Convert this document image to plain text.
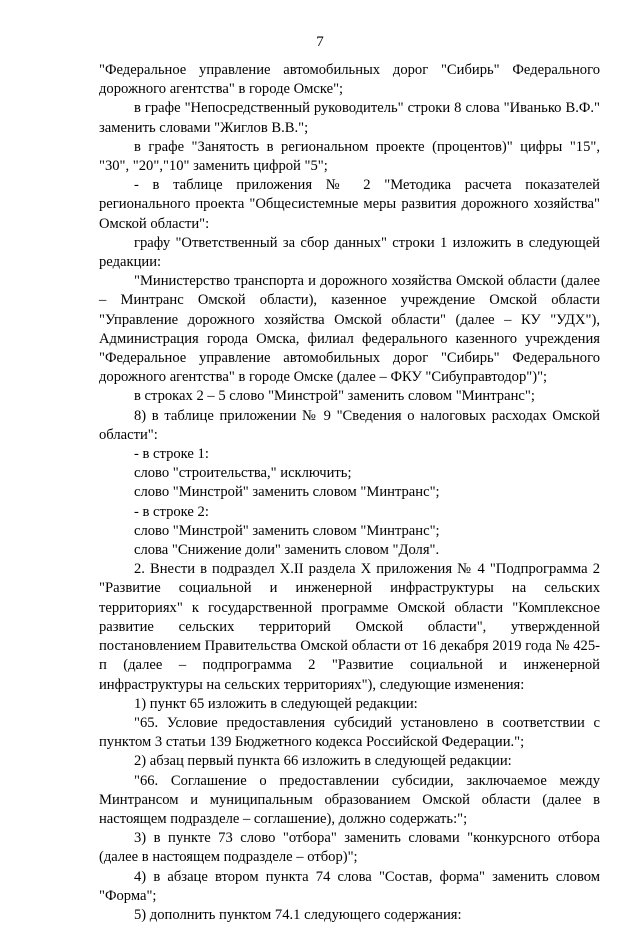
7

"Федеральное управление автомобильных дорог "Сибирь" Федерального дорожного агентства" в городе Омске";

в графе "Непосредственный руководитель" строки 8 слова "Иванько В.Ф." заменить словами "Жиглов В.В.";

в графе "Занятость в региональном проекте (процентов)" цифры "15", "30", "20","10" заменить цифрой "5";

- в таблице приложения № 2 "Методика расчета показателей регионального проекта "Общесистемные меры развития дорожного хозяйства" Омской области":

графу "Ответственный за сбор данных" строки 1 изложить в следующей редакции:

"Министерство транспорта и дорожного хозяйства Омской области (далее – Минтранс Омской области), казенное учреждение Омской области "Управление дорожного хозяйства Омской области" (далее – КУ "УДХ"), Администрация города Омска, филиал федерального казенного учреждения "Федеральное управление автомобильных дорог "Сибирь" Федерального дорожного агентства" в городе Омске (далее – ФКУ "Сибуправтодор")";

в строках 2 – 5 слово "Минстрой" заменить словом "Минтранс";

8) в таблице приложении № 9 "Сведения о налоговых расходах Омской области":

- в строке 1:

слово "строительства," исключить;

слово "Минстрой" заменить словом "Минтранс";

- в строке 2:

слово "Минстрой" заменить словом "Минтранс";

слова "Снижение доли" заменить словом "Доля".

2. Внести в подраздел X.II раздела X приложения № 4 "Подпрограмма 2 "Развитие социальной и инженерной инфраструктуры на сельских территориях" к государственной программе Омской области "Комплексное развитие сельских территорий Омской области", утвержденной постановлением Правительства Омской области от 16 декабря 2019 года № 425-п (далее – подпрограмма 2 "Развитие социальной и инженерной инфраструктуры на сельских территориях"), следующие изменения:

1) пункт 65 изложить в следующей редакции:

"65. Условие предоставления субсидий установлено в соответствии с пунктом 3 статьи 139 Бюджетного кодекса Российской Федерации.";

2) абзац первый пункта 66 изложить в следующей редакции:

"66. Соглашение о предоставлении субсидии, заключаемое между Минтрансом и муниципальным образованием Омской области (далее в настоящем подразделе – соглашение), должно содержать:";

3) в пункте 73 слово "отбора" заменить словами "конкурсного отбора (далее в настоящем подразделе – отбор)";

4) в абзаце втором пункта 74 слова "Состав, форма" заменить словом "Форма";

5) дополнить пунктом 74.1 следующего содержания:
